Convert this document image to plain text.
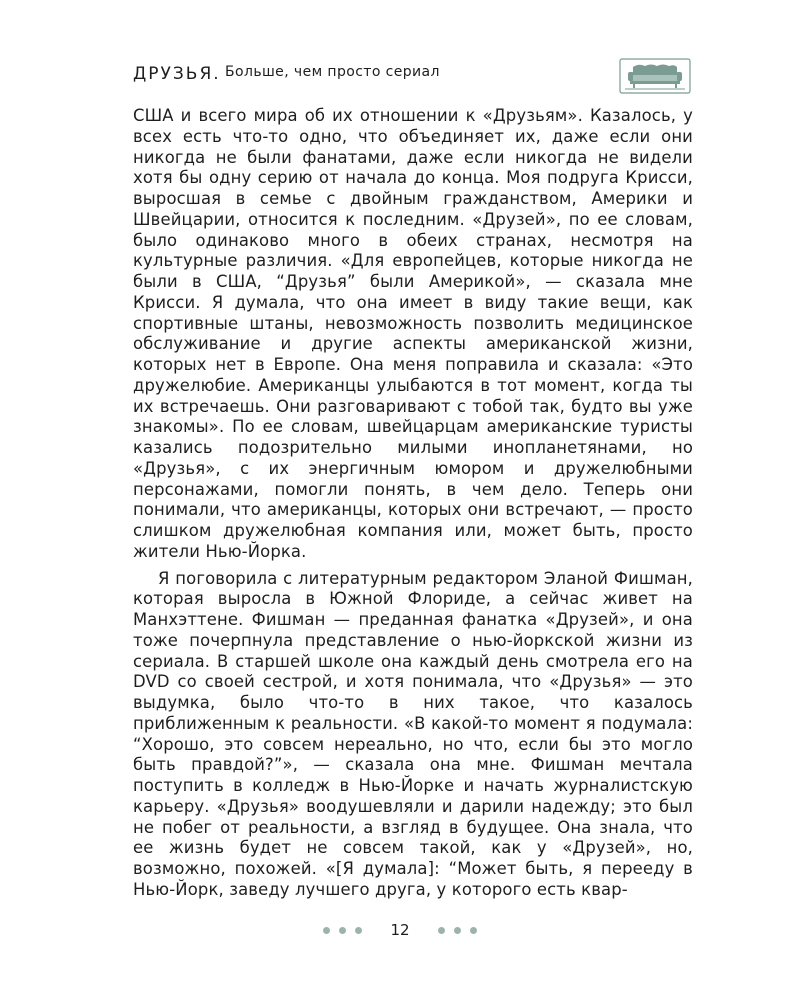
ДРУЗЬЯ. Больше, чем просто сериал

США и всего мира об их отношении к «Друзьям». Казалось, у всех есть что-то одно, что объединяет их, даже если они никогда не были фанатами, даже если никогда не видели хотя бы одну серию от начала до конца. Моя подруга Крисси, выросшая в семье с двойным гражданством, Америки и Швейцарии, относится к последним. «Друзей», по ее словам, было одинаково много в обеих странах, несмотря на культурные различия. «Для европейцев, которые никогда не были в США, “Друзья” были Америкой», — сказала мне Крисси. Я думала, что она имеет в виду такие вещи, как спортивные штаны, невозможность позволить медицинское обслуживание и другие аспекты американской жизни, которых нет в Европе. Она меня поправила и сказала: «Это дружелюбие. Американцы улыбаются в тот момент, когда ты их встречаешь. Они разговаривают с тобой так, будто вы уже знакомы». По ее словам, швейцарцам американские туристы казались подозрительно милыми инопланетянами, но «Друзья», с их энергичным юмором и дружелюбными персонажами, помогли понять, в чем дело. Теперь они понимали, что американцы, которых они встречают, — просто слишком дружелюбная компания или, может быть, просто жители Нью-Йорка.

Я поговорила с литературным редактором Эланой Фишман, которая выросла в Южной Флориде, а сейчас живет на Манхэттене. Фишман — преданная фанатка «Друзей», и она тоже почерпнула представление о нью-йоркской жизни из сериала. В старшей школе она каждый день смотрела его на DVD со своей сестрой, и хотя понимала, что «Друзья» — это выдумка, было что-то в них такое, что казалось приближенным к реальности. «В какой-то момент я подумала: “Хорошо, это совсем нереально, но что, если бы это могло быть правдой?”», — сказала она мне. Фишман мечтала поступить в колледж в Нью-Йорке и начать журналистскую карьеру. «Друзья» воодушевляли и дарили надежду; это был не побег от реальности, а взгляд в будущее. Она знала, что ее жизнь будет не совсем такой, как у «Друзей», но, возможно, похожей. «[Я думала]: “Может быть, я перееду в Нью-Йорк, заведу лучшего друга, у которого есть квар-

12
